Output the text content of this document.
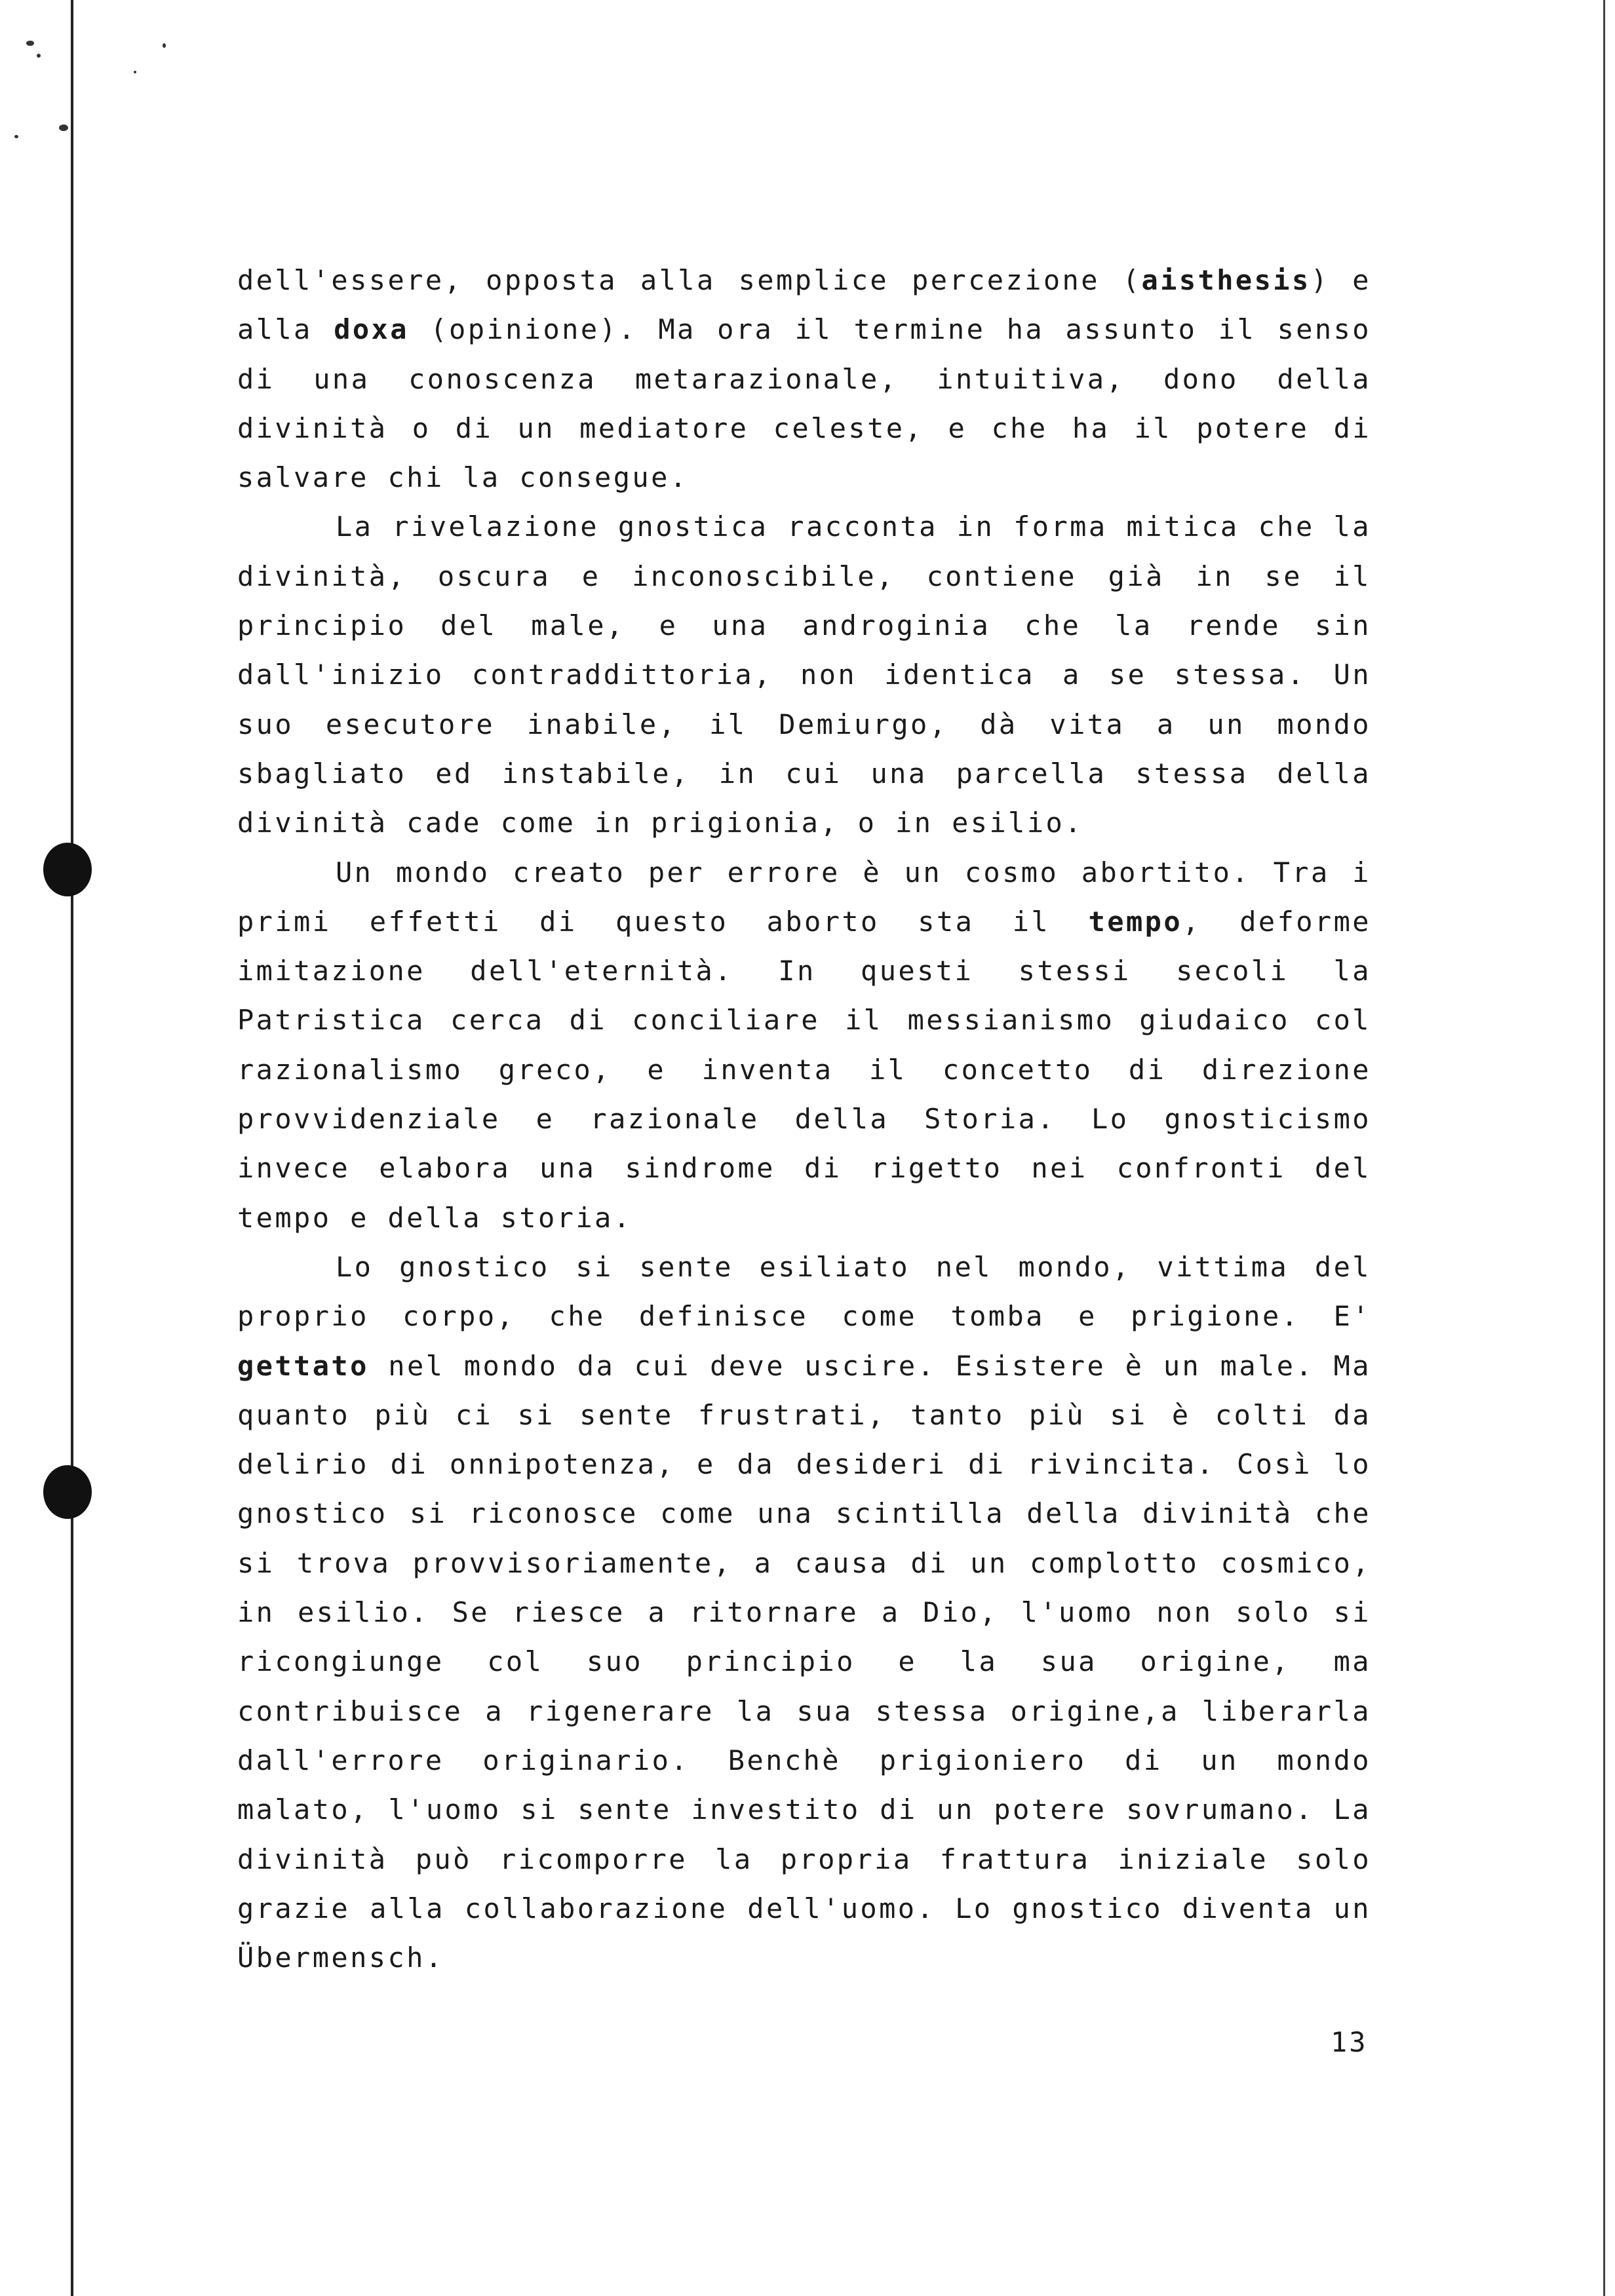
dell'essere, opposta alla semplice percezione (aisthesis) e alla doxa (opinione). Ma ora il termine ha assunto il senso di una conoscenza metarazionale, intuitiva, dono della divinità o di un mediatore celeste, e che ha il potere di salvare chi la consegue.

La rivelazione gnostica racconta in forma mitica che la divinità, oscura e inconoscibile, contiene già in se il principio del male, e una androginia che la rende sin dall'inizio contraddittoria, non identica a se stessa. Un suo esecutore inabile, il Demiurgo, dà vita a un mondo sbagliato ed instabile, in cui una parcella stessa della divinità cade come in prigionia, o in esilio.

Un mondo creato per errore è un cosmo abortito. Tra i primi effetti di questo aborto sta il tempo, deforme imitazione dell'eternità. In questi stessi secoli la Patristica cerca di conciliare il messianismo giudaico col razionalismo greco, e inventa il concetto di direzione provvidenziale e razionale della Storia. Lo gnosticismo invece elabora una sindrome di rigetto nei confronti del tempo e della storia.

Lo gnostico si sente esiliato nel mondo, vittima del proprio corpo, che definisce come tomba e prigione. E' gettato nel mondo da cui deve uscire. Esistere è un male. Ma quanto più ci si sente frustrati, tanto più si è colti da delirio di onnipotenza, e da desideri di rivincita. Così lo gnostico si riconosce come una scintilla della divinità che si trova provvisoriamente, a causa di un complotto cosmico, in esilio. Se riesce a ritornare a Dio, l'uomo non solo si ricongiunge col suo principio e la sua origine, ma contribuisce a rigenerare la sua stessa origine,a liberarla dall'errore originario. Benchè prigioniero di un mondo malato, l'uomo si sente investito di un potere sovrumano. La divinità può ricomporre la propria frattura iniziale solo grazie alla collaborazione dell'uomo. Lo gnostico diventa un Übermensch.

13
